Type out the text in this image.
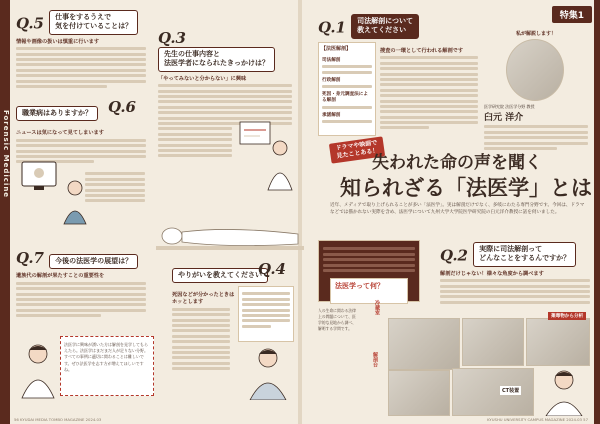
Forensic Medicine
特集1
Q.5 仕事をするうえで
気を付けていることは？
情報や画像の扱いは慎重に行います
職業病はありますか？ Q.6
ニュースは気になって見てしまいます
Q.7 今後の法医学の展望は？
遺族代の解剖が果たすことの重要性を
法医学に興味が湧いた方は解剖を見学してもらえたら。法医学はまだまだ人が足りない分野。すべての事例に適切に関わることは難しいです。ぜひ法医学を志す方が増えてほしいですね。
Q.3
先生の仕事内容と
法医学者になられたきっかけは？
「やってみないと分からない」に興味
やりがいを教えてください
Q.4
死因などが分かったときは
ホッとします
Q.1 司法解剖について
教えてください
【法医解剖】
司法解剖
行政解剖
死因・身元調査法による解剖
承諾解剖
捜査の一環として行われる解剖です
私が解説します！
医学研究院 法医学分野 教授
臼元 洋介
ドラマや映画で
見たことある！
失われた命の声を聞く
知られざる「法医学」とは
近年、メディアで取り上げられることが多い「法医学」。実は解剖だけでなく、多岐にわたる専門分野です。今回は、ドラマなどでは描かれない実際を含め、法医学について九州大学大学院医学研究院の臼元洋介教授に話を伺いました。
法医学って何？
人の生命に関わる法律上の問題について、医学的な見地から調べ、解明する学問です。
Q.2 実際に司法解剖って
どんなことをするんですか？
解剖だけじゃない！様々な角度から調べます
冷蔵室
薬毒物から分析
解剖台
CT装置
56 KYUDAI MEDIA TOMBO MAGAZINE 2024.03	KYUSHU UNIVERSITY CAMPUS MAGAZINE 2024.03 57
